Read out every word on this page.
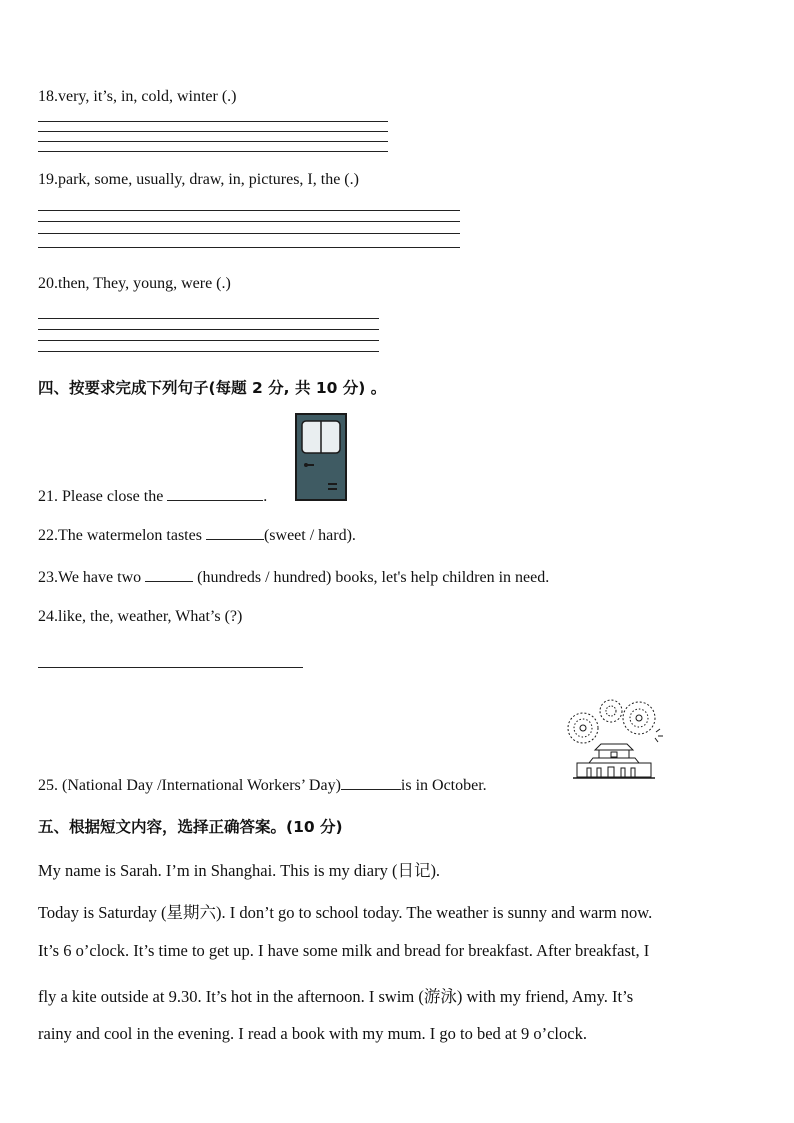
18.very, it’s, in, cold, winter (.)
19.park, some, usually, draw, in, pictures, I, the (.)
20.then, They, young, were (.)
四、按要求完成下列句子(每题 2 分, 共 10 分) 。
21. Please close the	.
22.The watermelon tastes	(sweet / hard).
23.We have two	(hundreds / hundred) books, let's help children in need.
24.like, the, weather, What’s (?)
25. (National Day /International Workers’ Day)	is in October.
五、根据短文内容，选择正确答案。(10 分)
My name is Sarah. I’m in Shanghai. This is my diary (日记).
Today is Saturday (星期六). I don’t go to school today. The weather is sunny and warm now.
It’s 6 o’clock. It’s time to get up. I have some milk and bread for breakfast. After breakfast, I
fly a kite outside at 9.30. It’s hot in the afternoon. I swim (游泳) with my friend, Amy. It’s
rainy and cool in the evening. I read a book with my mum. I go to bed at 9 o’clock.
